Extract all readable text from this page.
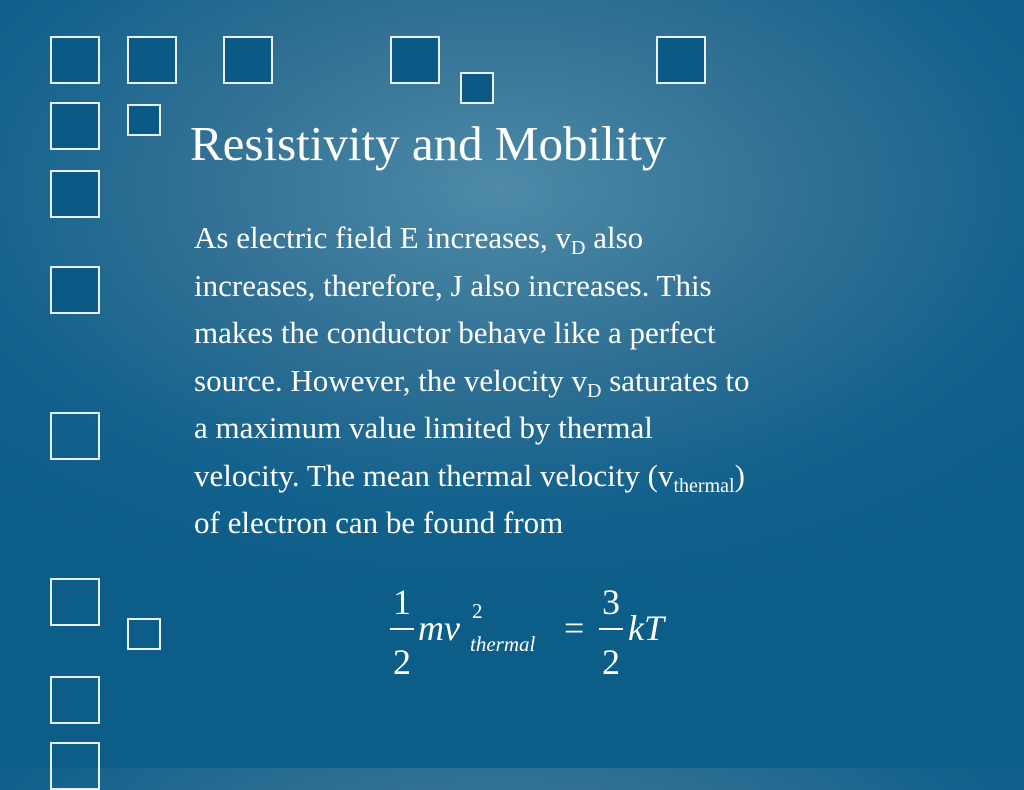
Resistivity and Mobility

As electric field E increases, $v_D$ also

increases, therefore, J also increases. This

makes the conductor behave like a perfect

source. However, the velocity $v_D$ saturates to

a maximum value limited by thermal

velocity. The mean thermal velocity $(v_{thermal})$

of electron can be found from

1
2
mv 2
thermal =
3
2
kT
